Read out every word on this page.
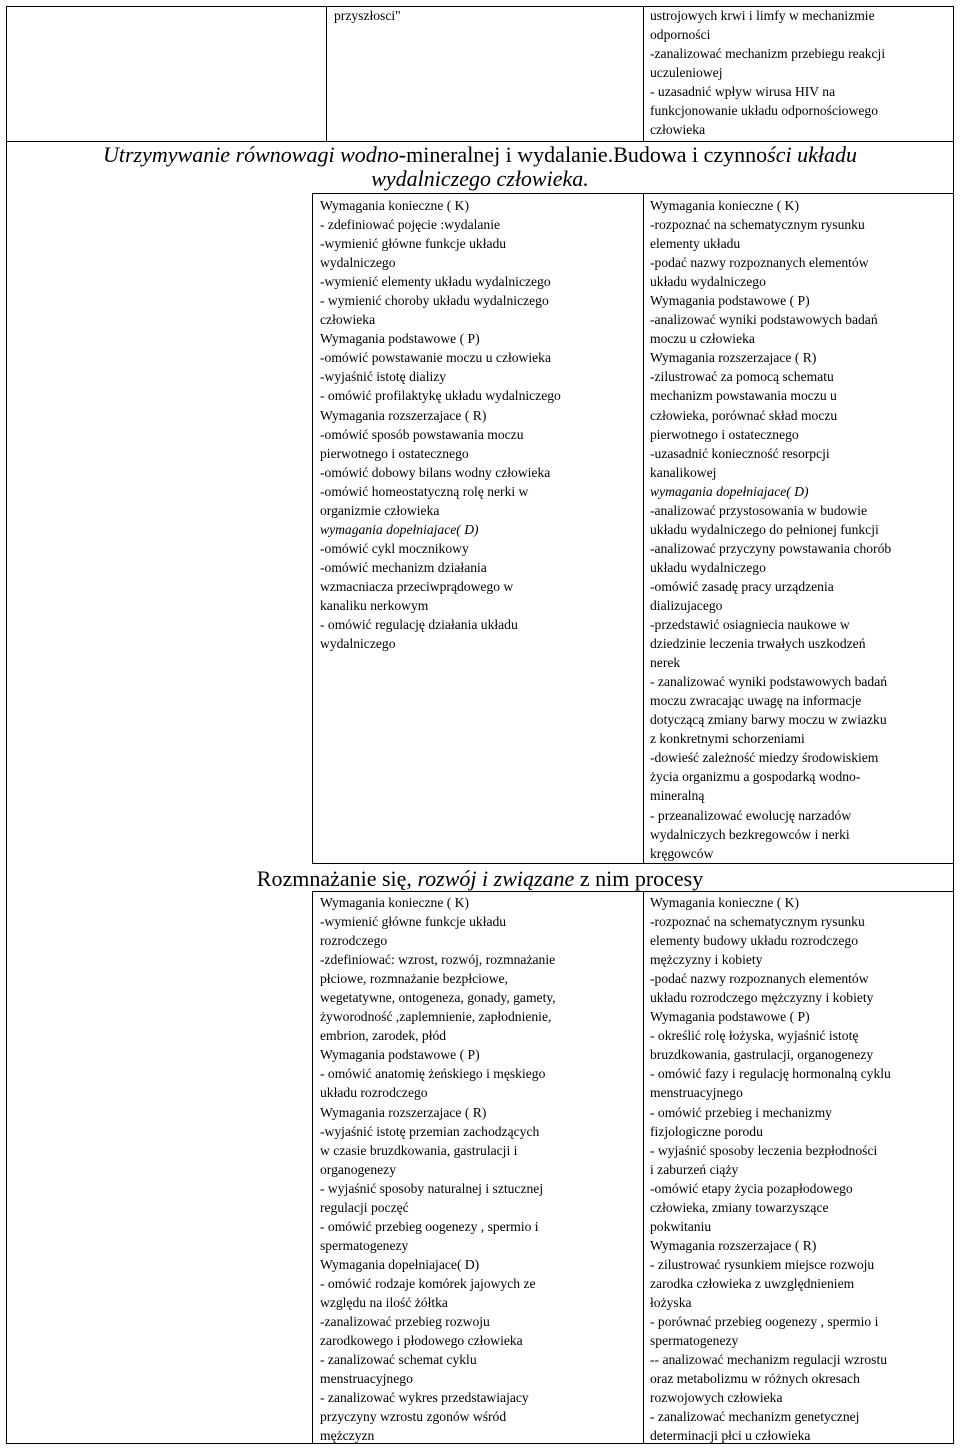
przyszłosci"	ustrojowych krwi i limfy w mechanizmie
odporności
-zanalizować mechanizm przebiegu reakcji
uczuleniowej
- uzasadnić wpływ wirusa HIV na
funkcjonowanie układu odpornościowego
człowieka
Utrzymywanie równowagi wodno-mineralnej i wydalanie.Budowa i czynności układu
wydalniczego człowieka.
Wymagania konieczne ( K)
- zdefiniować pojęcie :wydalanie
-wymienić główne funkcje układu
wydalniczego
-wymienić elementy układu wydalniczego
- wymienić choroby układu wydalniczego
człowieka
Wymagania podstawowe ( P)
-omówić powstawanie moczu u człowieka
-wyjaśnić istotę dializy
- omówić profilaktykę układu wydalniczego
Wymagania rozszerzajace ( R)
-omówić sposób powstawania moczu
pierwotnego i ostatecznego
-omówić dobowy bilans wodny człowieka
-omówić homeostatyczną rolę nerki w
organizmie człowieka
wymagania dopełniajace( D)
-omówić cykl mocznikowy
-omówić mechanizm działania
wzmacniacza przeciwprądowego w
kanaliku nerkowym
- omówić regulację działania układu
wydalniczego
Wymagania konieczne ( K)
-rozpoznać na schematycznym rysunku
elementy układu
-podać nazwy rozpoznanych elementów
układu wydalniczego
Wymagania podstawowe ( P)
-analizować wyniki podstawowych badań
moczu u człowieka
Wymagania rozszerzajace ( R)
-zilustrować za pomocą schematu
mechanizm powstawania moczu u
człowieka, porównać skład moczu
pierwotnego i ostatecznego
-uzasadnić konieczność resorpcji
kanalikowej
wymagania dopełniajace( D)
-analizować przystosowania w budowie
układu wydalniczego do pełnionej funkcji
-analizować przyczyny powstawania chorób
układu wydalniczego
-omówić zasadę pracy urządzenia
dializujacego
-przedstawić osiagniecia naukowe w
dziedzinie leczenia trwałych uszkodzeń
nerek
- zanalizować wyniki podstawowych badań
moczu zwracając uwagę na informacje
dotyczącą zmiany barwy moczu w zwiazku
z konkretnymi schorzeniami
-dowieść zależność miedzy środowiskiem
życia organizmu a gospodarką wodno-
mineralną
- przeanalizować ewolucję narzadów
wydalniczych bezkregowców i nerki
kręgowców
Rozmnażanie się, rozwój i związane z nim procesy
Wymagania konieczne ( K)
-wymienić główne funkcje układu
rozrodczego
-zdefiniować: wzrost, rozwój, rozmnażanie
płciowe, rozmnażanie bezpłciowe,
wegetatywne, ontogeneza, gonady, gamety,
żyworodność ,zaplemnienie, zapłodnienie,
embrion, zarodek, płód
Wymagania podstawowe ( P)
- omówić anatomię żeńskiego i męskiego
układu rozrodczego
Wymagania rozszerzajace ( R)
-wyjaśnić istotę przemian zachodzących
w czasie bruzdkowania, gastrulacji i
organogenezy
- wyjaśnić sposoby naturalnej i sztucznej
regulacji poczęć
- omówić przebieg oogenezy , spermio i
spermatogenezy
Wymagania dopełniajace( D)
- omówić rodzaje komórek jajowych ze
względu na ilość żółtka
-zanalizować przebieg rozwoju
zarodkowego i płodowego człowieka
- zanalizować schemat cyklu
menstruacyjnego
- zanalizować wykres przedstawiajacy
przyczyny wzrostu zgonów wśród
mężczyzn
Wymagania konieczne ( K)
-rozpoznać na schematycznym rysunku
elementy budowy układu rozrodczego
mężczyzny i kobiety
-podać nazwy rozpoznanych elementów
układu rozrodczego mężczyzny i kobiety
Wymagania podstawowe ( P)
- określić rolę łożyska, wyjaśnić istotę
bruzdkowania, gastrulacji, organogenezy
- omówić fazy i regulację hormonalną cyklu
menstruacyjnego
- omówić przebieg i mechanizmy
fizjologiczne porodu
- wyjaśnić sposoby leczenia bezpłodności
i zaburzeń ciąży
-omówić etapy życia pozapłodowego
człowieka, zmiany towarzyszące
pokwitaniu
Wymagania rozszerzajace ( R)
- zilustrować rysunkiem miejsce rozwoju
zarodka człowieka z uwzględnieniem
łożyska
- porównać przebieg oogenezy , spermio i
spermatogenezy
-- analizować mechanizm regulacji wzrostu
oraz metabolizmu w różnych okresach
rozwojowych człowieka
- zanalizować mechanizm genetycznej
determinacji płci u człowieka
